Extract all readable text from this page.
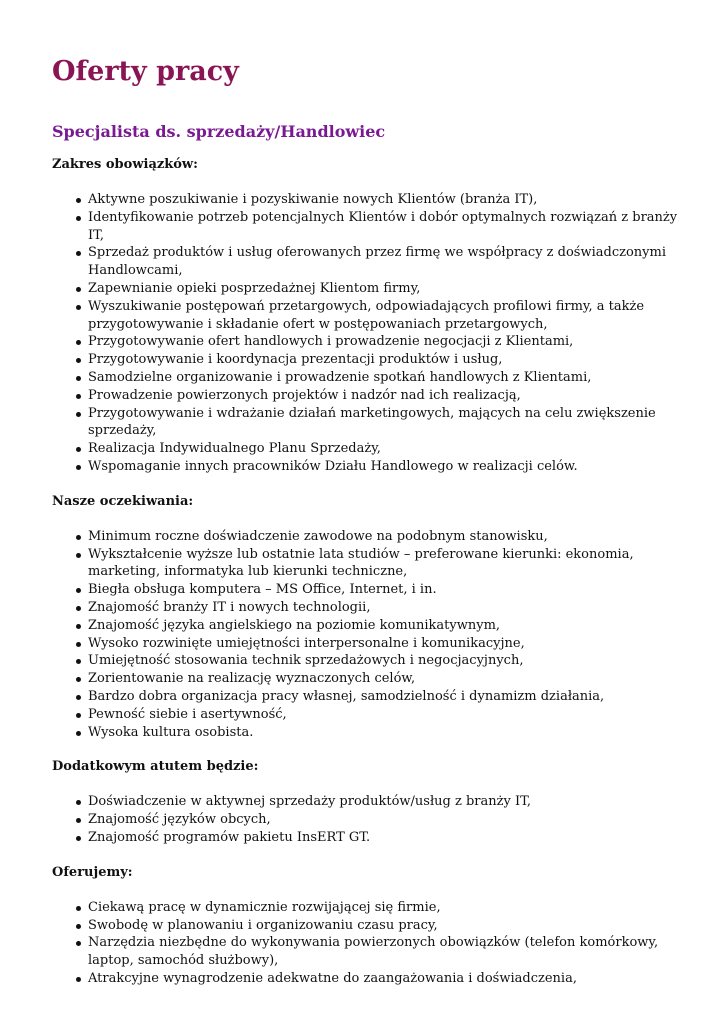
Oferty pracy
Specjalista ds. sprzedaży/Handlowiec

Zakres obowiązków:

Aktywne poszukiwanie i pozyskiwanie nowych Klientów (branża IT),
Identyfikowanie potrzeb potencjalnych Klientów i dobór optymalnych rozwiązań z branży IT,
Sprzedaż produktów i usług oferowanych przez firmę we współpracy z doświadczonymi Handlowcami,
Zapewnianie opieki posprzedażnej Klientom firmy,
Wyszukiwanie postępowań przetargowych, odpowiadających profilowi firmy, a także przygotowywanie i składanie ofert w postępowaniach przetargowych,
Przygotowywanie ofert handlowych i prowadzenie negocjacji z Klientami,
Przygotowywanie i koordynacja prezentacji produktów i usług,
Samodzielne organizowanie i prowadzenie spotkań handlowych z Klientami,
Prowadzenie powierzonych projektów i nadzór nad ich realizacją,
Przygotowywanie i wdrażanie działań marketingowych, mających na celu zwiększenie sprzedaży,
Realizacja Indywidualnego Planu Sprzedaży,
Wspomaganie innych pracowników Działu Handlowego w realizacji celów.

Nasze oczekiwania:

Minimum roczne doświadczenie zawodowe na podobnym stanowisku,
Wykształcenie wyższe lub ostatnie lata studiów – preferowane kierunki: ekonomia, marketing, informatyka lub kierunki techniczne,
Biegła obsługa komputera – MS Office, Internet, i in.
Znajomość branży IT i nowych technologii,
Znajomość języka angielskiego na poziomie komunikatywnym,
Wysoko rozwinięte umiejętności interpersonalne i komunikacyjne,
Umiejętność stosowania technik sprzedażowych i negocjacyjnych,
Zorientowanie na realizację wyznaczonych celów,
Bardzo dobra organizacja pracy własnej, samodzielność i dynamizm działania,
Pewność siebie i asertywność,
Wysoka kultura osobista.

Dodatkowym atutem będzie:

Doświadczenie w aktywnej sprzedaży produktów/usług z branży IT,
Znajomość języków obcych,
Znajomość programów pakietu InsERT GT.

Oferujemy:

Ciekawą pracę w dynamicznie rozwijającej się firmie,
Swobodę w planowaniu i organizowaniu czasu pracy,
Narzędzia niezbędne do wykonywania powierzonych obowiązków (telefon komórkowy, laptop, samochód służbowy),
Atrakcyjne wynagrodzenie adekwatne do zaangażowania i doświadczenia,
